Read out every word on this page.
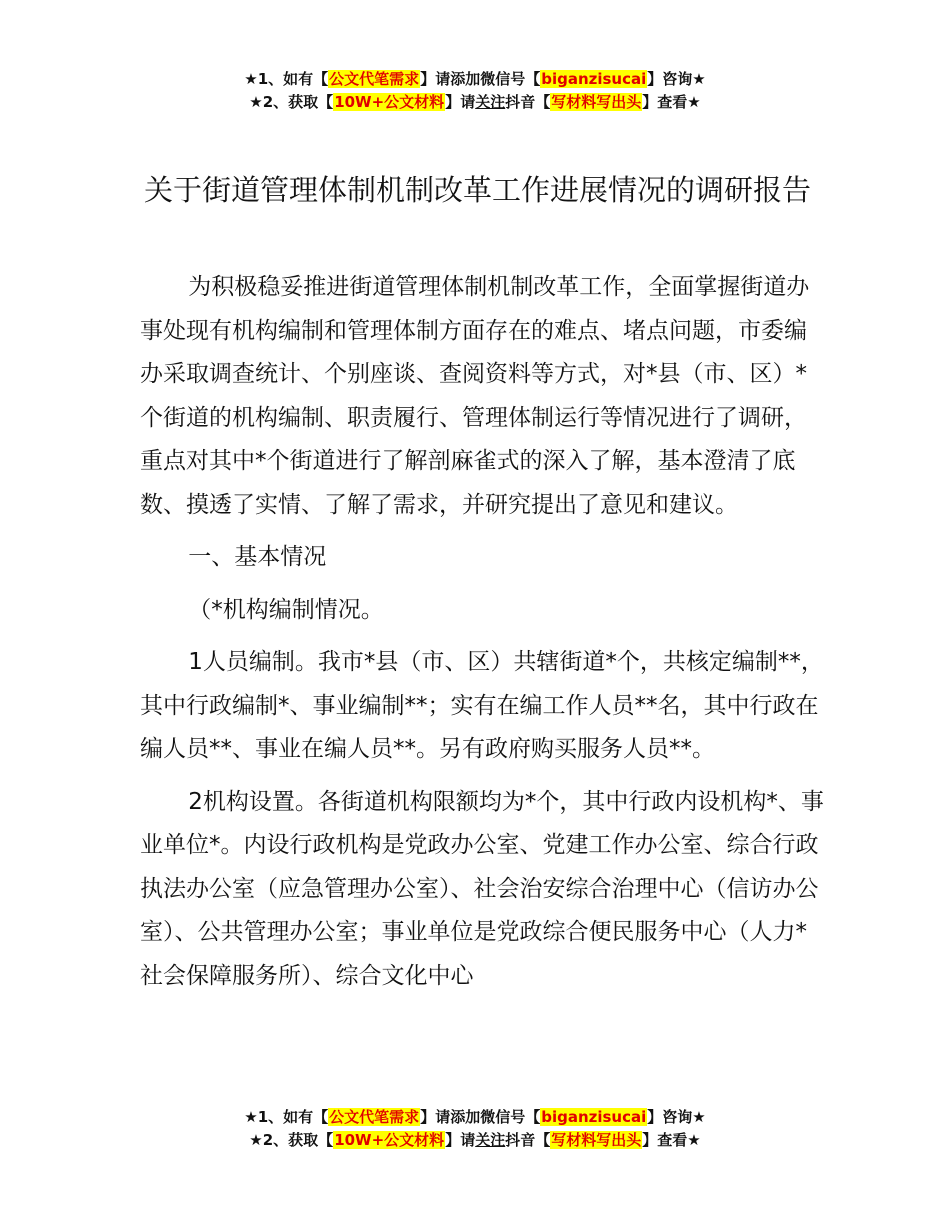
★1、如有【公文代笔需求】请添加微信号【biganzisucai】咨询★
★2、获取【10W+公文材料】请关注抖音【写材料写出头】查看★
关于街道管理体制机制改革工作进展情况的调研报告

为积极稳妥推进街道管理体制机制改革工作，全面掌握街道办事处现有机构编制和管理体制方面存在的难点、堵点问题，市委编办采取调查统计、个别座谈、查阅资料等方式，对*县（市、区）*个街道的机构编制、职责履行、管理体制运行等情况进行了调研，重点对其中*个街道进行了解剖麻雀式的深入了解，基本澄清了底数、摸透了实情、了解了需求，并研究提出了意见和建议。

一、基本情况

（*机构编制情况。

1人员编制。我市*县（市、区）共辖街道*个，共核定编制**，其中行政编制*、事业编制**；实有在编工作人员**名，其中行政在编人员**、事业在编人员**。另有政府购买服务人员**。

2机构设置。各街道机构限额均为*个，其中行政内设机构*、事业单位*。内设行政机构是党政办公室、党建工作办公室、综合行政执法办公室（应急管理办公室）、社会治安综合治理中心（信访办公室）、公共管理办公室；事业单位是党政综合便民服务中心（人力*社会保障服务所）、综合文化中心

★1、如有【公文代笔需求】请添加微信号【biganzisucai】咨询★
★2、获取【10W+公文材料】请关注抖音【写材料写出头】查看★
